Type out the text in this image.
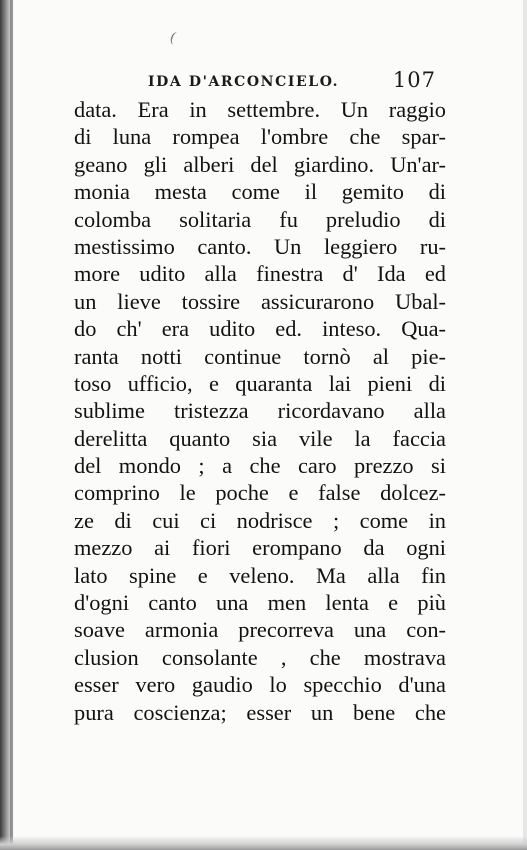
(
IDA D'ARCONCIELO.	107
data. Era in settembre. Un raggio
di luna rompea l'ombre che spar-
geano gli alberi del giardino. Un'ar-
monia mesta come il gemito di
colomba solitaria fu preludio di
mestissimo canto. Un leggiero ru-
more udito alla finestra d' Ida ed
un lieve tossire assicurarono Ubal-
do ch' era udito ed. inteso. Qua-
ranta notti continue tornò al pie-
toso ufficio, e quaranta lai pieni di
sublime tristezza ricordavano alla
derelitta quanto sia vile la faccia
del mondo ; a che caro prezzo si
comprino le poche e false dolcez-
ze di cui ci nodrisce ; come in
mezzo ai fiori erompano da ogni
lato spine e veleno. Ma alla fin
d'ogni canto una men lenta e più
soave armonia precorreva una con-
clusion consolante , che mostrava
esser vero gaudio lo specchio d'una
pura coscienza; esser un bene che
